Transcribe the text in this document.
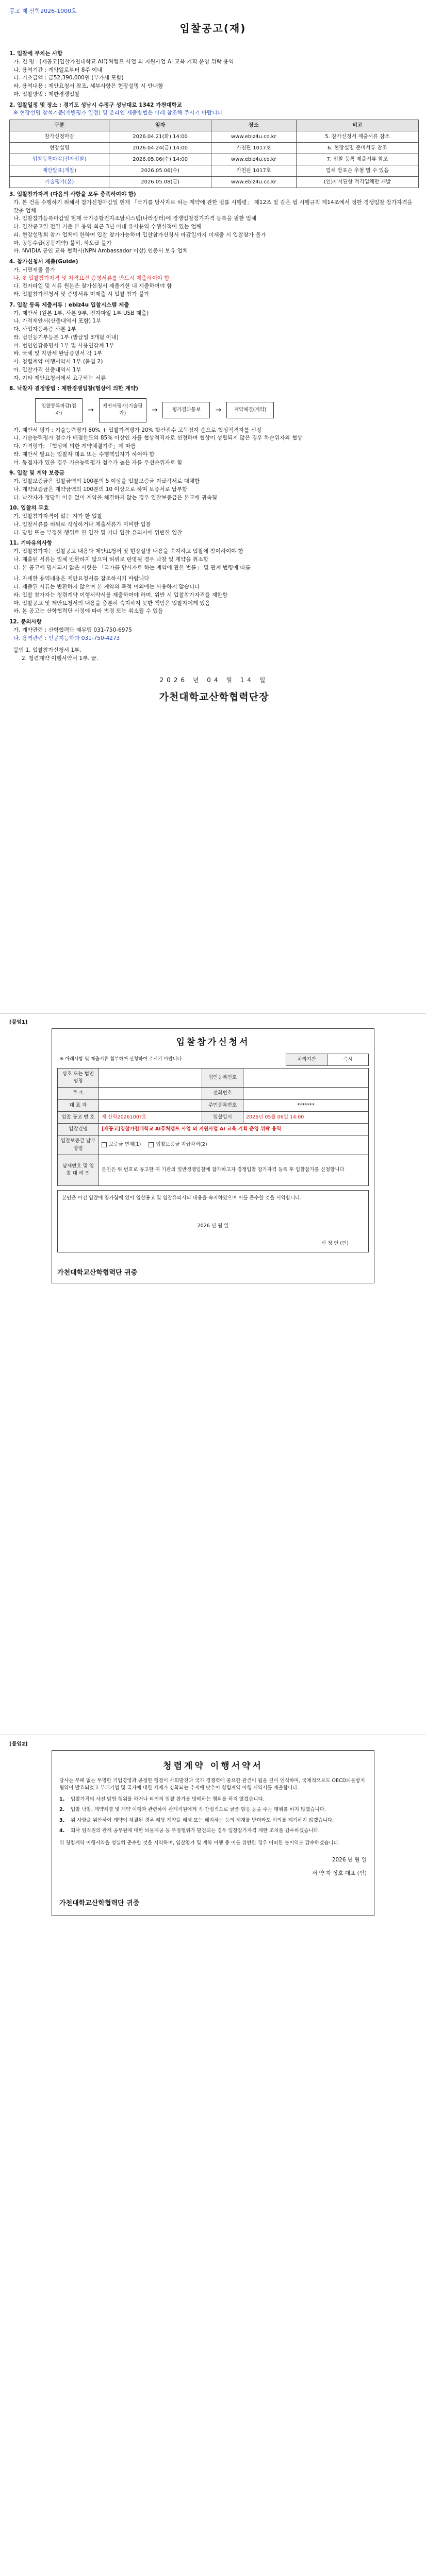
공고 제 산학2026-1000호
입찰공고(재)
1. 입찰에 부치는 사항
가. 건 명 : [재공고]입찰가천대학교 AI퓨처캠프 사업 외 지원사업 AI 교육 기획 운영 위탁 용역
나. 용역기간 : 계약일로부터 8주 이내
다. 기초금액 : 금52,390,000원 (부가세 포함)
라. 용역내용 : 제안요청서 참조, 세부사항은 현장설명 시 안내함
마. 입찰방법 : 제한경쟁입찰
2. 입찰일정 및 장소 : 경기도 성남시 수정구 성남대로 1342 가천대학교
※ 현장설명 참석기준(개별평가 일정) 및 온라인 제출방법은 아래 참조해 주시기 바랍니다
구분	일자	장소	비고
참가신청마감	2026.04.21(화) 14:00	www.ebiz4u.co.kr	5. 참가신청서 제출서류 참조
현장설명	2026.04.24(금) 14:00	가천관 1017호	6. 현장설명 준비서류 참조
입찰등록마감(전자입찰)	2026.05.06(수) 14:00	www.ebiz4u.co.kr	7. 입찰 등록 제출서류 참조
제안발표(개찰)	2026.05.06(수)	가천관 1017호	업체 발표순 추첨 별 수 있음
기술평가(본)	2026.05.08(금)	www.ebiz4u.co.kr	(인)제시된항 적격업체만 개발
3. 입찰참가자격 (다음의 사항을 모두 충족하여야 함)
가. 본 건을 수행하기 위해서 참가신청마감일 현재 「국가를 당사자로 하는 계약에 관한 법률 시행령」 제12조 및 같은 법 시행규칙 제14조에서 정한 경쟁입찰 참가자격을 갖춘 업체
나. 입찰참가등록마감일 현재 국가종합전자조달시스템(나라장터)에 경쟁입찰참가자격 등록을 필한 업체
다. 입찰공고일 전일 기준 본 용역 최근 3년 이내 유사용역 수행실적이 있는 업체
라. 현장설명회 참가 업체에 한하여 입찰 참가가능하며 입찰참가신청서 마감일까지 미제출 시 입찰참가 불가
마. 공동수급(공동계약) 불허, 하도급 불가
바. NVIDIA 공인 교육 협력사(NPN Ambassador 이상) 인증서 보유 업체
4. 참가신청서 제출(Guide)
가. 서면제출 불가
나. ※ 입찰참가자격 및 자격요건 증명서류를 반드시 제출하여야 함
다. 전자파일 및 서류 원본은 참가신청서 제출기한 내 제출하여야 함
라. 입찰참가신청서 및 증빙서류 미제출 시 입찰 참가 불가
7. 입찰 등록 제출서류 : ebiz4u 입찰시스템 제출
가. 제안서 (원본 1부, 사본 9부, 전자파일 1부 USB 제출)
나. 가격제안서(산출내역서 포함) 1부
다. 사업자등록증 사본 1부
라. 법인등기부등본 1부 (발급일 3개월 이내)
마. 법인인감증명서 1부 및 사용인감계 1부
바. 국세 및 지방세 완납증명서 각 1부
사. 청렴계약 이행서약서 1부 (붙임 2)
아. 입찰가격 산출내역서 1부
자. 기타 제안요청서에서 요구하는 서류
8. 낙찰자 결정방법 : 제한경쟁입찰(협상에 의한 계약)
입찰등록마감(접수)	→	제안서평가(기술평가)	→	평가결과통보	→	계약체결(계약)
가. 제안서 평가 : 기술능력평가 80% + 입찰가격평가 20% 합산점수 고득점자 순으로 협상적격자를 선정
나. 기술능력평가 점수가 배점한도의 85% 이상인 자를 협상적격자로 선정하며 협상이 성립되지 않은 경우 차순위자와 협상
다. 가격평가: 「협상에 의한 계약체결기준」에 따름
라. 제안서 발표는 입찰자 대표 또는 수행책임자가 하여야 함
마. 동점자가 있을 경우 기술능력평가 점수가 높은 자를 우선순위자로 함
9. 입찰 및 계약 보증금
가. 입찰보증금은 입찰금액의 100분의 5 이상을 입찰보증금 지급각서로 대체함
나. 계약보증금은 계약금액의 100분의 10 이상으로 하며 보증서로 납부함
다. 낙찰자가 정당한 이유 없이 계약을 체결하지 않는 경우 입찰보증금은 본교에 귀속됨
10. 입찰의 무효
가. 입찰참가자격이 없는 자가 한 입찰
나. 입찰서류를 허위로 작성하거나 제출서류가 미비한 입찰
다. 담합 또는 부정한 행위로 한 입찰 및 기타 입찰 유의서에 위반한 입찰
11. 기타유의사항
가. 입찰참가자는 입찰공고 내용과 제안요청서 및 현장설명 내용을 숙지하고 입찰에 참여하여야 함
나. 제출된 서류는 일체 반환하지 않으며 허위로 판명될 경우 낙찰 및 계약을 취소함
다. 본 공고에 명시되지 않은 사항은 「국가를 당사자로 하는 계약에 관한 법률」 및 관계 법령에 따름
나. 자세한 용역내용은 제안요청서를 참조하시기 바랍니다
다. 제출된 서류는 반환하지 않으며 본 계약의 목적 이외에는 사용하지 않습니다
라. 입찰 참가자는 청렴계약 이행서약서를 제출하여야 하며, 위반 시 입찰참가자격을 제한함
마. 입찰공고 및 제안요청서의 내용을 충분히 숙지하지 못한 책임은 입찰자에게 있음
바. 본 공고는 산학협력단 사정에 따라 변경 또는 취소될 수 있음
12. 문의사항
가. 계약관련 : 산학협력단 재무팀 031-750-6975
나. 용역관련 : 인공지능학과 031-750-4273
붙임 1. 입찰참가신청서 1부.
2. 청렴계약 이행서약서 1부. 끝.
2026 년 04 월 14 일
가천대학교산학협력단장
[붙임1]
입찰참가신청서
※ 아래사항 및 제출서류 첨부하여 신청하여 주시기 바랍니다	처리기간	즉시
상호 또는 법인명칭		법인등록번호	
주 소		전화번호	
대 표 자		주민등록번호	*******
입찰 공고 번 호	제 산학2026100?호	입찰일시	2026년 05월 06일 14:00
입찰건명	[재공고]입찰가천대학교 AI퓨처캠프 사업 외 지원사업 AI 교육 기획 운영 위탁 용역		
입찰보증금 납부방법	보증금 면제(1) 입찰보증금 지급각서(2)		
납세번호 및 입 찰 대 리 인	본인은 위 번호로 공고한 귀 기관의 일반경쟁입찰에 참가하고자 경쟁입찰 참가자격 등록 후 입찰참가를 신청합니다		
본인은 이건 입찰에 참가함에 있어 입찰공고 및 입찰유의서의 내용을 숙지하였으며 이를 준수할 것을 서약합니다.
2026 년 월 일
신 청 인 (인)
가천대학교산학협력단 귀중
[붙임2]
청렴계약 이행서약서
당사는 부패 없는 투명한 기업경영과 공정한 행정이 사회발전과 국가 경쟁력에 중요한 관건이 됨을 깊이 인식하며, 국제적으로도 OECD뇌물방지협약이 발효되었고 부패기업 및 국가에 대한 제재가 강화되는 추세에 맞추어 청렴계약 이행 서약서를 제출합니다.
1.	입찰가격의 사전 담합 행위를 하거나 타인의 입찰 참가를 방해하는 행위를 하지 않겠습니다.
2.	입찰 낙찰, 계약체결 및 계약 이행과 관련하여 관계직원에게 직·간접적으로 금품·향응 등을 주는 행위를 하지 않겠습니다.
3.	위 사항을 위반하여 계약이 체결된 경우 해당 계약을 해제 또는 해지하는 등의 제재를 받더라도 이의를 제기하지 않겠습니다.
4.	회사 임직원의 관계 공무원에 대한 뇌물제공 등 부정행위가 발견되는 경우 입찰참가자격 제한 조치를 감수하겠습니다.
위 청렴계약 이행서약을 성실히 준수할 것을 서약하며, 입찰참가 및 계약 이행 중 이를 위반한 경우 어떠한 불이익도 감수하겠습니다.
2026 년 월 일
서 약 자 상호 대표 (인)
가천대학교산학협력단 귀중
